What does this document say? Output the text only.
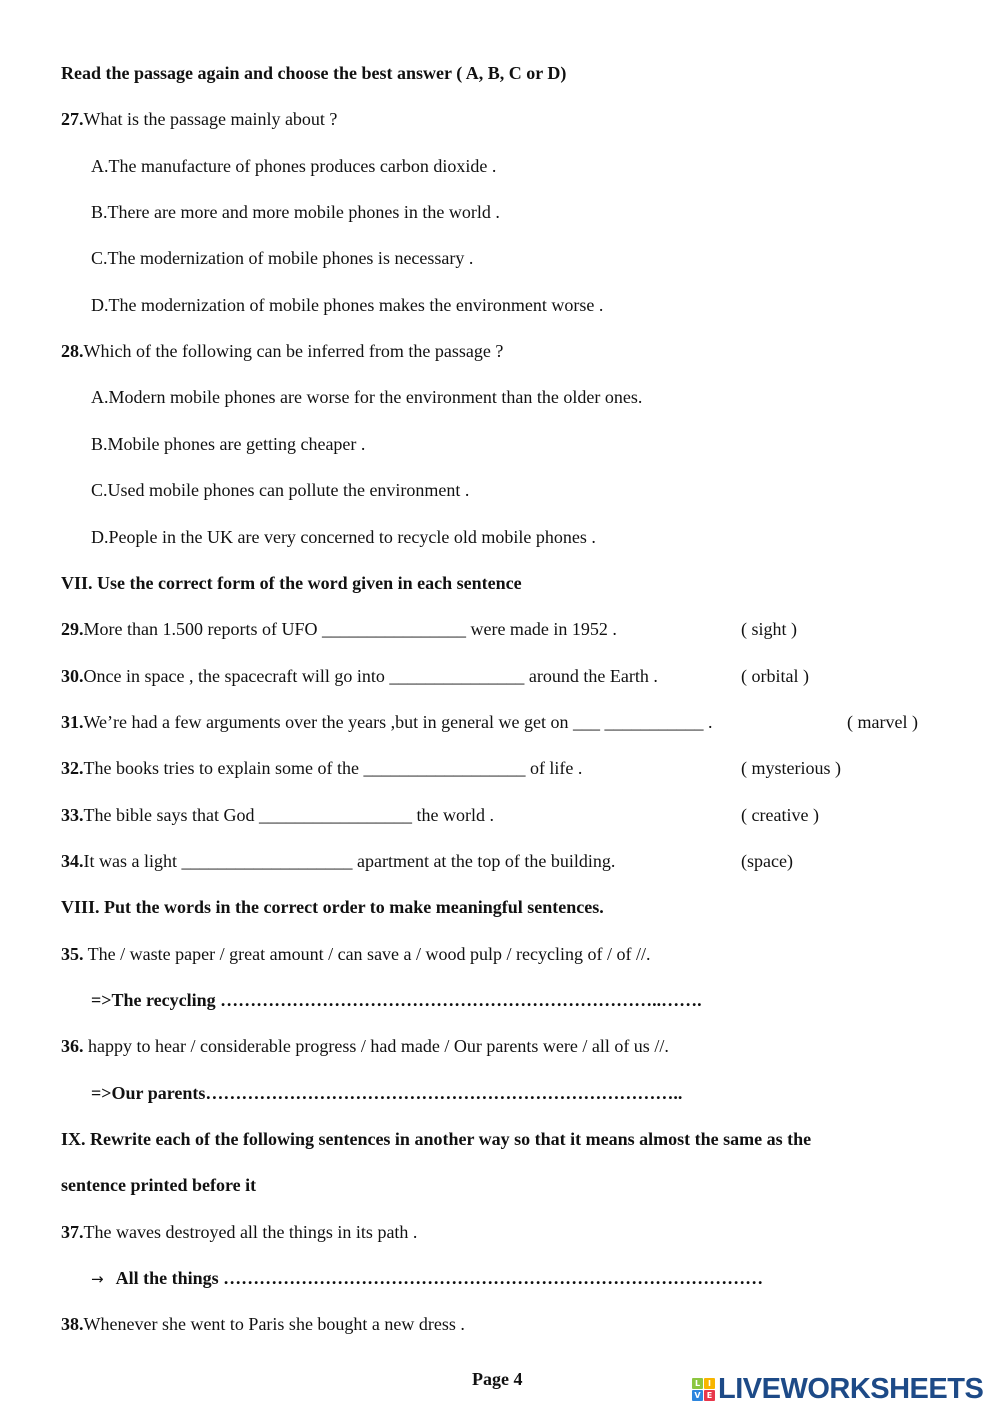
Read the passage again and choose the best answer ( A, B, C or D)
27.What is the passage mainly about ?
A.The manufacture of phones produces carbon dioxide .
B.There are more and more mobile phones in the world .
C.The modernization of mobile phones is necessary .
D.The modernization of mobile phones makes the environment worse .
28.Which of the following can be inferred from the passage ?
A.Modern mobile phones are worse for the environment than the older ones.
B.Mobile phones are getting cheaper .
C.Used mobile phones can pollute the environment .
D.People in the UK are very concerned to recycle old mobile phones .
VII. Use the correct form of the word given in each sentence
29.More than 1.500 reports of UFO ________________ were made in 1952 .	( sight )
30.Once in space , the spacecraft will go into _______________ around the Earth .	( orbital )
31.We’re had a few arguments over the years ,but in general we get on ___ ___________ .	( marvel )
32.The books tries to explain some of the __________________ of life .	( mysterious )
33.The bible says that God _________________ the world .	( creative )
34.It was a light ___________________ apartment at the top of the building.	(space)
VIII. Put the words in the correct order to make meaningful sentences.
35. The / waste paper / great amount / can save a / wood pulp / recycling of / of //.
=>The recycling ………………………………………………………………..…….
36. happy to hear / considerable progress / had made / Our parents were / all of us //.
=>Our parents……………………………………………………………………..
IX. Rewrite each of the following sentences in another way so that it means almost the same as the
sentence printed before it
37.The waves destroyed all the things in its path .
→ All the things ………………………………………………………………………………
38.Whenever she went to Paris she bought a new dress .
Page 4	L I
V E LIVEWORKSHEETS
